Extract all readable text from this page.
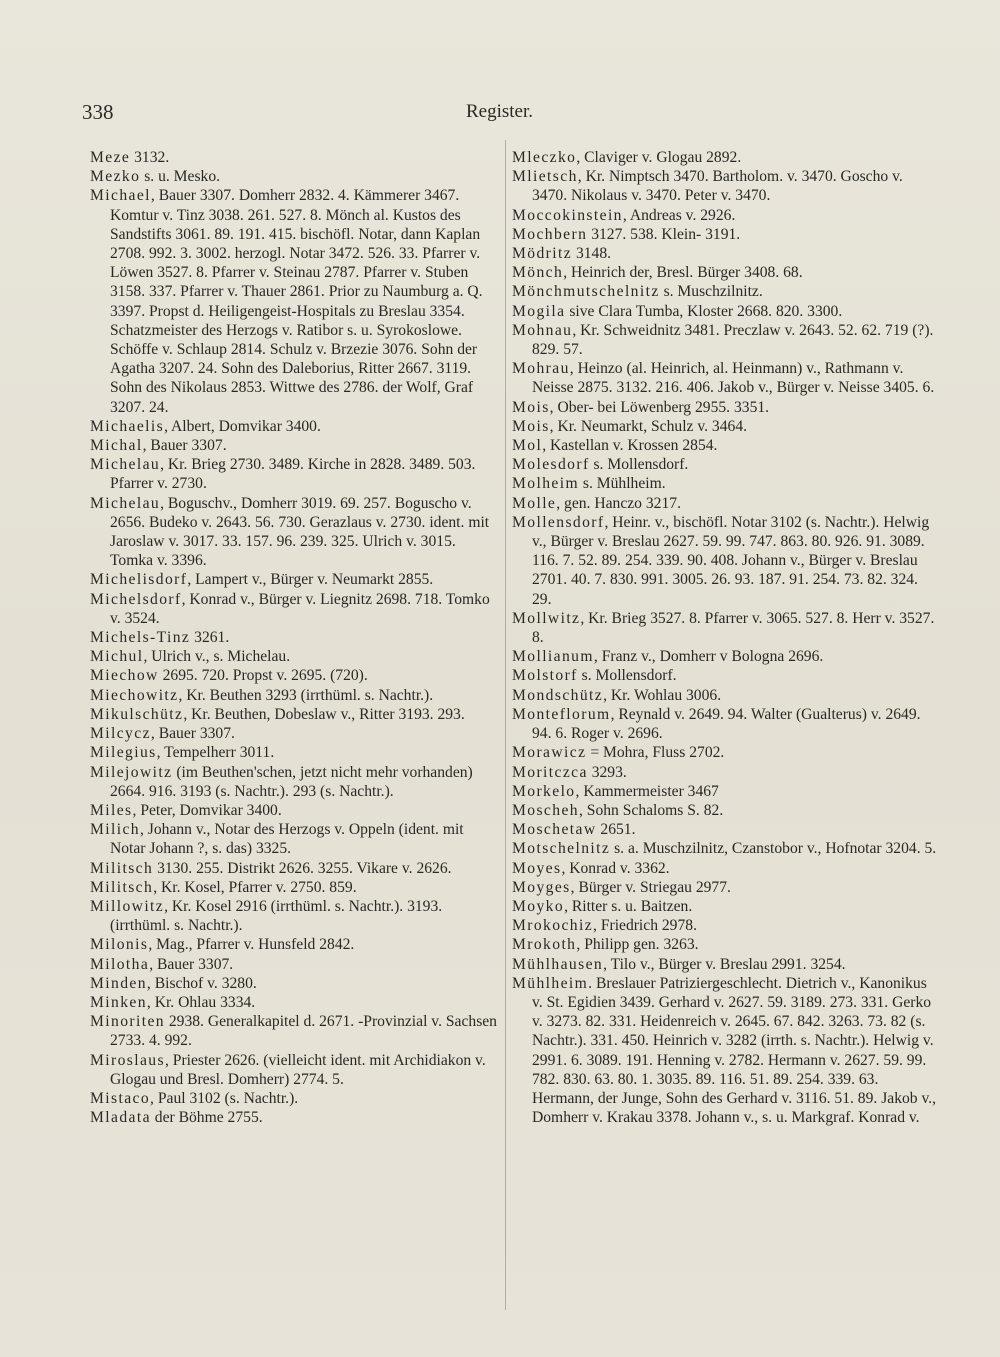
338	Register.

Meze 3132.

Mezko s. u. Mesko.

Michael, Bauer 3307. Domherr 2832. 4. Kämmerer 3467. Komtur v. Tinz 3038. 261. 527. 8. Mönch al. Kustos des Sandstifts 3061. 89. 191. 415. bischöfl. Notar, dann Kaplan 2708. 992. 3. 3002. herzogl. Notar 3472. 526. 33. Pfarrer v. Löwen 3527. 8. Pfarrer v. Steinau 2787. Pfarrer v. Stuben 3158. 337. Pfarrer v. Thauer 2861. Prior zu Naumburg a. Q. 3397. Propst d. Heiligengeist-Hospitals zu Breslau 3354. Schatzmeister des Herzogs v. Ratibor s. u. Syrokoslowe. Schöffe v. Schlaup 2814. Schulz v. Brzezie 3076. Sohn der Agatha 3207. 24. Sohn des Daleborius, Ritter 2667. 3119. Sohn des Nikolaus 2853. Wittwe des 2786. der Wolf, Graf 3207. 24.

Michaelis, Albert, Domvikar 3400.

Michal, Bauer 3307.

Michelau, Kr. Brieg 2730. 3489. Kirche in 2828. 3489. 503. Pfarrer v. 2730.

Michelau, Boguschv., Domherr 3019. 69. 257. Boguscho v. 2656. Budeko v. 2643. 56. 730. Gerazlaus v. 2730. ident. mit Jaroslaw v. 3017. 33. 157. 96. 239. 325. Ulrich v. 3015. Tomka v. 3396.

Michelisdorf, Lampert v., Bürger v. Neumarkt 2855.

Michelsdorf, Konrad v., Bürger v. Liegnitz 2698. 718. Tomko v. 3524.

Michels-Tinz 3261.

Michul, Ulrich v., s. Michelau.

Miechow 2695. 720. Propst v. 2695. (720).

Miechowitz, Kr. Beuthen 3293 (irrthüml. s. Nachtr.).

Mikulschütz, Kr. Beuthen, Dobeslaw v., Ritter 3193. 293.

Milcycz, Bauer 3307.

Milegius, Tempelherr 3011.

Milejowitz (im Beuthen'schen, jetzt nicht mehr vorhanden) 2664. 916. 3193 (s. Nachtr.). 293 (s. Nachtr.).

Miles, Peter, Domvikar 3400.

Milich, Johann v., Notar des Herzogs v. Oppeln (ident. mit Notar Johann ?, s. das) 3325.

Militsch 3130. 255. Distrikt 2626. 3255. Vikare v. 2626.

Militsch, Kr. Kosel, Pfarrer v. 2750. 859.

Millowitz, Kr. Kosel 2916 (irrthüml. s. Nachtr.). 3193. (irrthüml. s. Nachtr.).

Milonis, Mag., Pfarrer v. Hunsfeld 2842.

Milotha, Bauer 3307.

Minden, Bischof v. 3280.

Minken, Kr. Ohlau 3334.

Minoriten 2938. Generalkapitel d. 2671. -Provinzial v. Sachsen 2733. 4. 992.

Miroslaus, Priester 2626. (vielleicht ident. mit Archidiakon v. Glogau und Bresl. Domherr) 2774. 5.

Mistaco, Paul 3102 (s. Nachtr.).

Mladata der Böhme 2755.

Mleczko, Claviger v. Glogau 2892.

Mlietsch, Kr. Nimptsch 3470. Bartholom. v. 3470. Goscho v. 3470. Nikolaus v. 3470. Peter v. 3470.

Moccokinstein, Andreas v. 2926.

Mochbern 3127. 538. Klein- 3191.

Mödritz 3148.

Mönch, Heinrich der, Bresl. Bürger 3408. 68.

Mönchmutschelnitz s. Muschzilnitz.

Mogila sive Clara Tumba, Kloster 2668. 820. 3300.

Mohnau, Kr. Schweidnitz 3481. Preczlaw v. 2643. 52. 62. 719 (?). 829. 57.

Mohrau, Heinzo (al. Heinrich, al. Heinmann) v., Rathmann v. Neisse 2875. 3132. 216. 406. Jakob v., Bürger v. Neisse 3405. 6.

Mois, Ober- bei Löwenberg 2955. 3351.

Mois, Kr. Neumarkt, Schulz v. 3464.

Mol, Kastellan v. Krossen 2854.

Molesdorf s. Mollensdorf.

Molheim s. Mühlheim.

Molle, gen. Hanczo 3217.

Mollensdorf, Heinr. v., bischöfl. Notar 3102 (s. Nachtr.). Helwig v., Bürger v. Breslau 2627. 59. 99. 747. 863. 80. 926. 91. 3089. 116. 7. 52. 89. 254. 339. 90. 408. Johann v., Bürger v. Breslau 2701. 40. 7. 830. 991. 3005. 26. 93. 187. 91. 254. 73. 82. 324. 29.

Mollwitz, Kr. Brieg 3527. 8. Pfarrer v. 3065. 527. 8. Herr v. 3527. 8.

Mollianum, Franz v., Domherr v Bologna 2696.

Molstorf s. Mollensdorf.

Mondschütz, Kr. Wohlau 3006.

Monteflorum, Reynald v. 2649. 94. Walter (Gualterus) v. 2649. 94. 6. Roger v. 2696.

Morawicz = Mohra, Fluss 2702.

Moritczca 3293.

Morkelo, Kammermeister 3467

Moscheh, Sohn Schaloms S. 82.

Moschetaw 2651.

Motschelnitz s. a. Muschzilnitz, Czanstobor v., Hofnotar 3204. 5.

Moyes, Konrad v. 3362.

Moyges, Bürger v. Striegau 2977.

Moyko, Ritter s. u. Baitzen.

Mrokochiz, Friedrich 2978.

Mrokoth, Philipp gen. 3263.

Mühlhausen, Tilo v., Bürger v. Breslau 2991. 3254.

Mühlheim. Breslauer Patriziergeschlecht. Dietrich v., Kanonikus v. St. Egidien 3439. Gerhard v. 2627. 59. 3189. 273. 331. Gerko v. 3273. 82. 331. Heidenreich v. 2645. 67. 842. 3263. 73. 82 (s. Nachtr.). 331. 450. Heinrich v. 3282 (irrth. s. Nachtr.). Helwig v. 2991. 6. 3089. 191. Henning v. 2782. Hermann v. 2627. 59. 99. 782. 830. 63. 80. 1. 3035. 89. 116. 51. 89. 254. 339. 63. Hermann, der Junge, Sohn des Gerhard v. 3116. 51. 89. Jakob v., Domherr v. Krakau 3378. Johann v., s. u. Markgraf. Konrad v.
